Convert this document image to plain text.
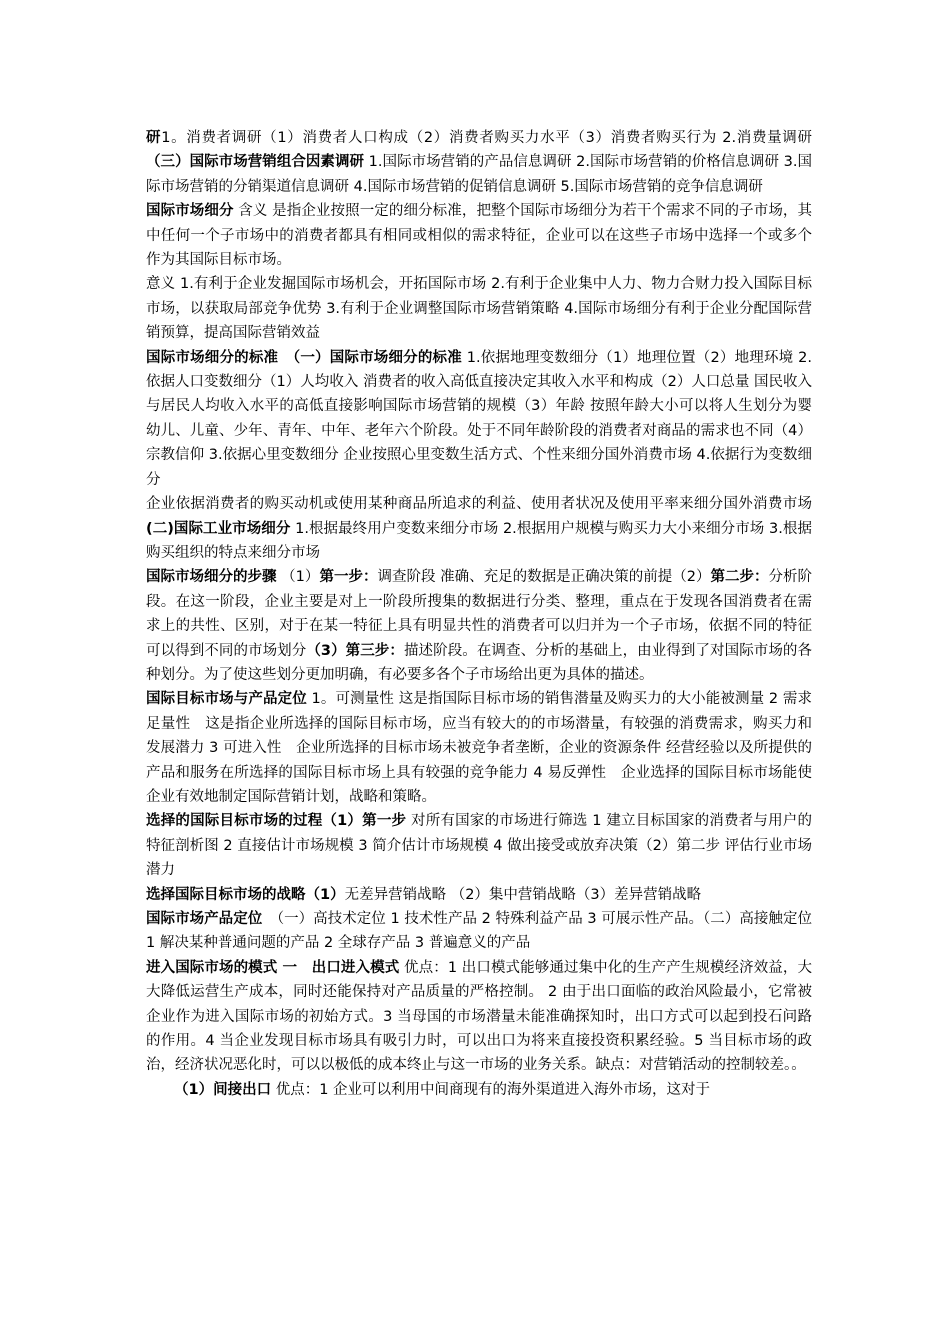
研1。消费者调研（1）消费者人口构成（2）消费者购买力水平（3）消费者购买行为 2.消费量调研　（三）国际市场营销组合因素调研 1.国际市场营销的产品信息调研 2.国际市场营销的价格信息调研 3.国际市场营销的分销渠道信息调研 4.国际市场营销的促销信息调研 5.国际市场营销的竞争信息调研

国际市场细分 含义 是指企业按照一定的细分标准，把整个国际市场细分为若干个需求不同的子市场，其中任何一个子市场中的消费者都具有相同或相似的需求特征，企业可以在这些子市场中选择一个或多个作为其国际目标市场。

意义 1.有利于企业发掘国际市场机会，开拓国际市场 2.有利于企业集中人力、物力合财力投入国际目标市场，以获取局部竞争优势 3.有利于企业调整国际市场营销策略 4.国际市场细分有利于企业分配国际营销预算，提高国际营销效益

国际市场细分的标准　（一）国际市场细分的标准 1.依据地理变数细分（1）地理位置（2）地理环境 2.依据人口变数细分（1）人均收入 消费者的收入高低直接决定其收入水平和构成（2）人口总量 国民收入与居民人均收入水平的高低直接影响国际市场营销的规模（3）年龄 按照年龄大小可以将人生划分为婴幼儿、儿童、少年、青年、中年、老年六个阶段。处于不同年龄阶段的消费者对商品的需求也不同（4）宗教信仰 3.依据心里变数细分 企业按照心里变数生活方式、个性来细分国外消费市场 4.依据行为变数细分

企业依据消费者的购买动机或使用某种商品所追求的利益、使用者状况及使用平率来细分国外消费市场 (二)国际工业市场细分 1.根据最终用户变数来细分市场 2.根据用户规模与购买力大小来细分市场 3.根据购买组织的特点来细分市场

国际市场细分的步骤 （1）第一步：调查阶段 准确、充足的数据是正确决策的前提（2）第二步：分析阶段。在这一阶段，企业主要是对上一阶段所搜集的数据进行分类、整理，重点在于发现各国消费者在需求上的共性、区别，对于在某一特征上具有明显共性的消费者可以归并为一个子市场，依据不同的特征可以得到不同的市场划分（3）第三步：描述阶段。在调查、分析的基础上，由业得到了对国际市场的各种划分。为了使这些划分更加明确，有必要多各个子市场给出更为具体的描述。

国际目标市场与产品定位 1。可测量性 这是指国际目标市场的销售潜量及购买力的大小能被测量 2 需求足量性　这是指企业所选择的国际目标市场，应当有较大的的市场潜量，有较强的消费需求，购买力和发展潜力 3 可进入性　企业所选择的目标市场未被竞争者垄断，企业的资源条件 经营经验以及所提供的产品和服务在所选择的国际目标市场上具有较强的竞争能力 4 易反弹性　企业选择的国际目标市场能使企业有效地制定国际营销计划，战略和策略。

选择的国际目标市场的过程（1）第一步 对所有国家的市场进行筛选 1 建立目标国家的消费者与用户的特征剖析图 2 直接估计市场规模 3 简介估计市场规模 4 做出接受或放弃决策（2）第二步 评估行业市场潜力

选择国际目标市场的战略（1）无差异营销战略 （2）集中营销战略（3）差异营销战略

国际市场产品定位　（一）高技术定位 1 技术性产品 2 特殊利益产品 3 可展示性产品。（二）高接触定位 1 解决某种普通问题的产品 2 全球存产品 3 普遍意义的产品

进入国际市场的模式 一　出口进入模式 优点：1 出口模式能够通过集中化的生产产生规模经济效益，大大降低运营生产成本，同时还能保持对产品质量的严格控制。 2 由于出口面临的政治风险最小，它常被企业作为进入国际市场的初始方式。3 当母国的市场潜量未能准确探知时，出口方式可以起到投石问路的作用。4 当企业发现目标市场具有吸引力时，可以出口为将来直接投资积累经验。5 当目标市场的政治，经济状况恶化时，可以以极低的成本终止与这一市场的业务关系。缺点：对营销活动的控制较差。。

（1）间接出口 优点：1 企业可以利用中间商现有的海外渠道进入海外市场，这对于
